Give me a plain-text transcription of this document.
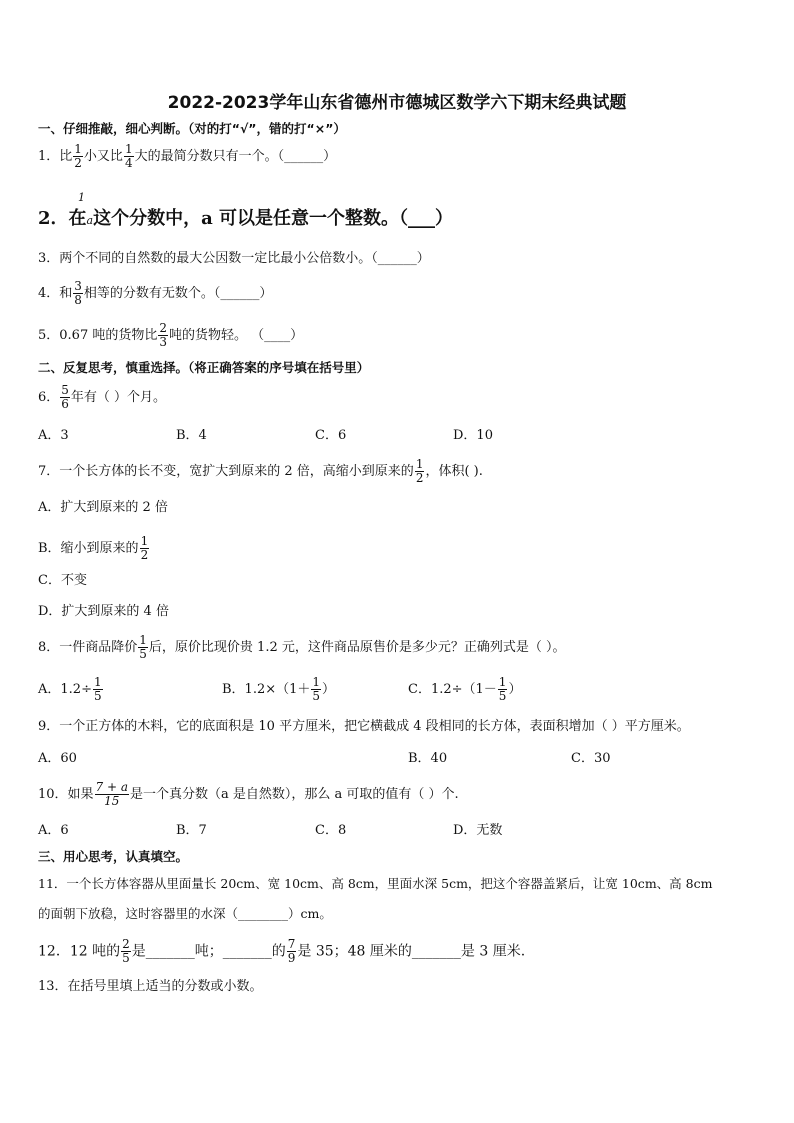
2022-2023学年山东省德州市德城区数学六下期末经典试题
一、仔细推敲，细心判断。（对的打“√”，错的打“×”）
1．比 $\frac{1}{2}$ 小又比 $\frac{1}{4}$ 大的最简分数只有一个。（______）
1
2．在a这个分数中，a 可以是任意一个整数。（___）
3．两个不同的自然数的最大公因数一定比最小公倍数小。（______）
4．和 $\frac{3}{8}$ 相等的分数有无数个。（______）
5．0.67 吨的货物比 $\frac{2}{3}$ 吨的货物轻。 （____）
二、反复思考，慎重选择。（将正确答案的序号填在括号里）
6． $\frac{5}{6}$ 年有（ ）个月。
A．3	B．4	C．6	D．10
7．一个长方体的长不变，宽扩大到原来的 2 倍，高缩小到原来的 $\frac{1}{2}$ ，体积( ).
A．扩大到原来的 2 倍
B．缩小到原来的 $\frac{1}{2}$
C．不变
D．扩大到原来的 4 倍
8．一件商品降价 $\frac{1}{5}$ 后，原价比现价贵 1.2 元，这件商品原售价是多少元？正确列式是（ ）。
A．$1.2\div \frac{1}{5}$	B．$1.2\times(1+ \frac{1}{5}$ ）	C．$1.2\div(1- \frac{1}{5}$ ）
9．一个正方体的木料，它的底面积是 10 平方厘米，把它横截成 4 段相同的长方体，表面积增加（ ）平方厘米。
A．60	B．40	C．30
10．如果 $\frac{7 + a}{15}$ 是一个真分数（a 是自然数），那么 a 可取的值有（ ）个.
A．6	B．7	C．8	D．无数
三、用心思考，认真填空。
11．一个长方体容器从里面量长 20cm、宽 10cm、高 8cm，里面水深 5cm，把这个容器盖紧后，让宽 10cm、高 8cm
的面朝下放稳，这时容器里的水深（________）cm。
12．12 吨的 $\frac{2}{5}$ 是_______吨；_______的 $\frac{7}{9}$ 是 35；48 厘米的_______是 3 厘米.
13．在括号里填上适当的分数或小数。
